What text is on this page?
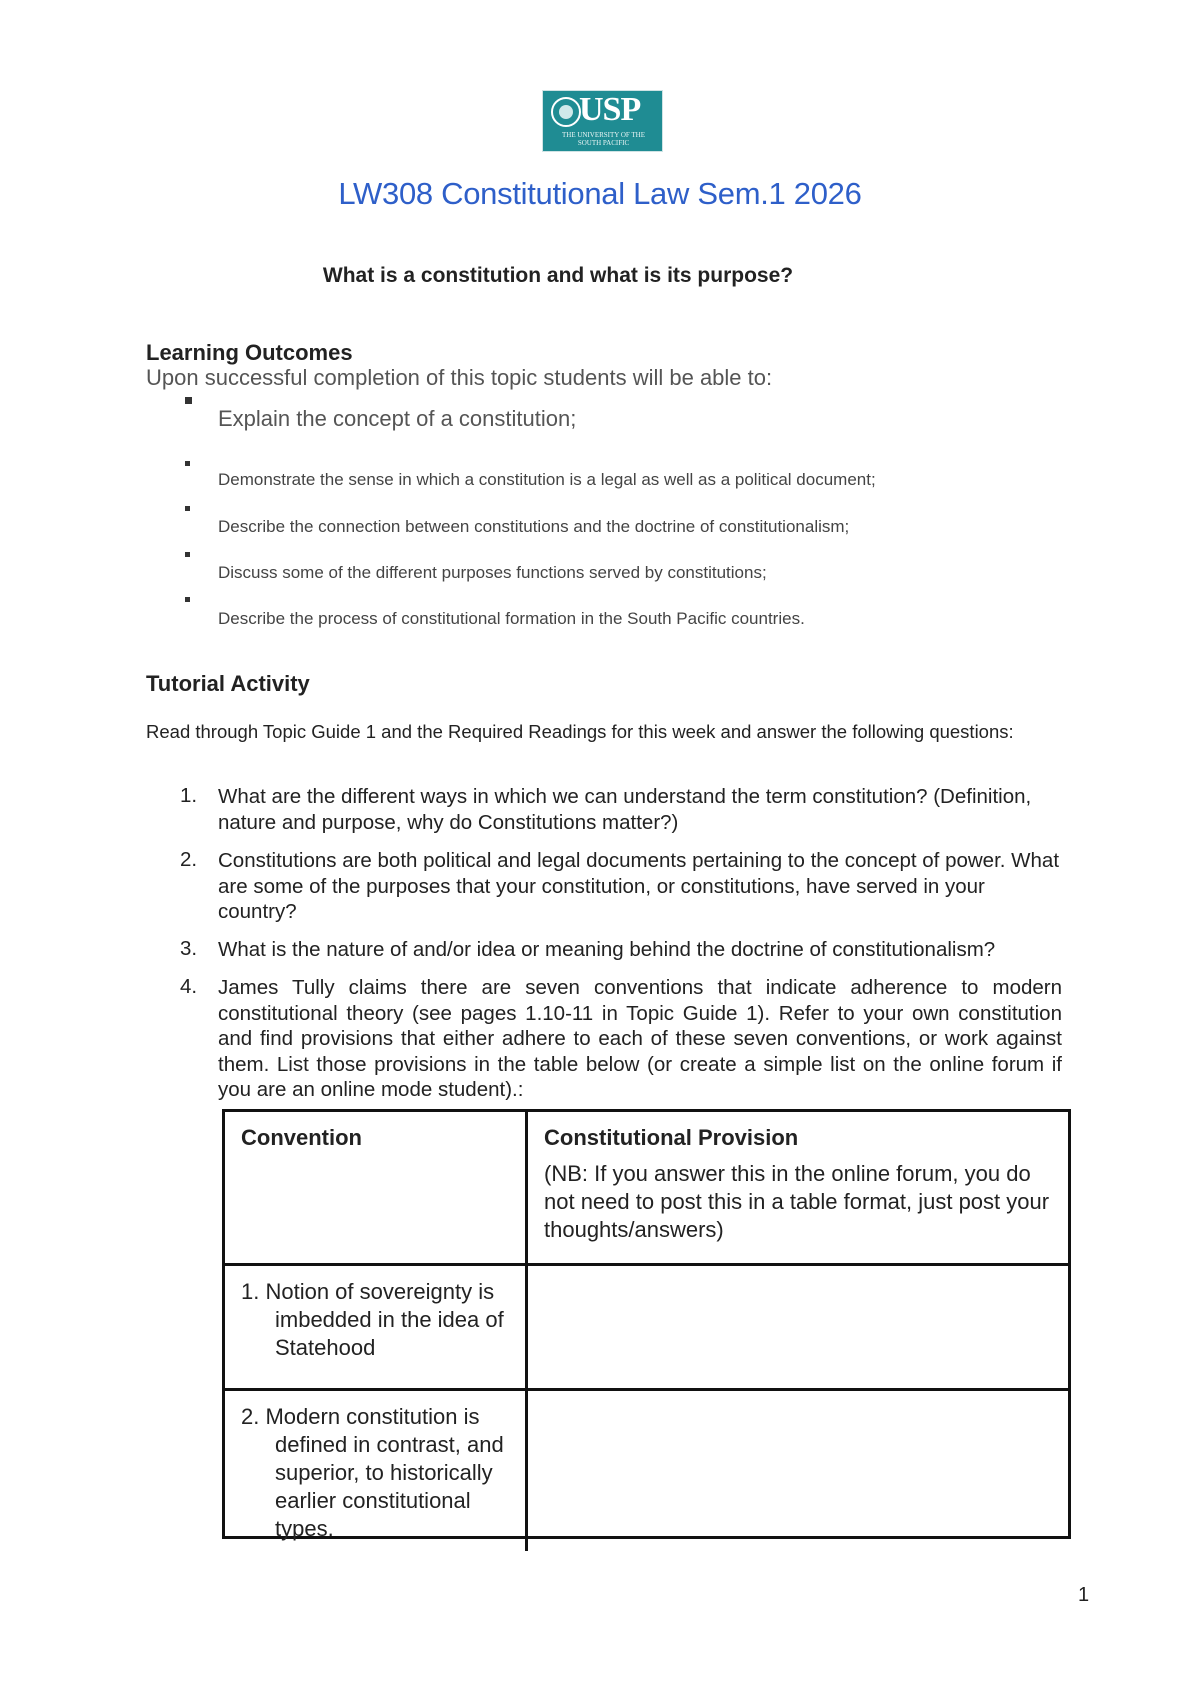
USP
THE UNIVERSITY OF THE SOUTH PACIFIC
LW308 Constitutional Law Sem.1 2026
What is a constitution and what is its purpose?
Learning Outcomes
Upon successful completion of this topic students will be able to:
Explain the concept of a constitution;
Demonstrate the sense in which a constitution is a legal as well as a political document;
Describe the connection between constitutions and the doctrine of constitutionalism;
Discuss some of the different purposes functions served by constitutions;
Describe the process of constitutional formation in the South Pacific countries.
Tutorial Activity
Read through Topic Guide 1 and the Required Readings for this week and answer the following questions:
1. What are the different ways in which we can understand the term constitution? (Definition, nature and purpose, why do Constitutions matter?)
2. Constitutions are both political and legal documents pertaining to the concept of power. What are some of the purposes that your constitution, or constitutions, have served in your country?
3. What is the nature of and/or idea or meaning behind the doctrine of constitutionalism?
4. James Tully claims there are seven conventions that indicate adherence to modern constitutional theory (see pages 1.10-11 in Topic Guide 1). Refer to your own constitution and find provisions that either adhere to each of these seven conventions, or work against them. List those provisions in the table below (or create a simple list on the online forum if you are an online mode student).:
Convention	Constitutional Provision
(NB: If you answer this in the online forum, you do not need to post this in a table format, just post your thoughts/answers)

1. Notion of sovereignty is imbedded in the idea of Statehood	

2. Modern constitution is defined in contrast, and superior, to historically earlier constitutional types.	

1
